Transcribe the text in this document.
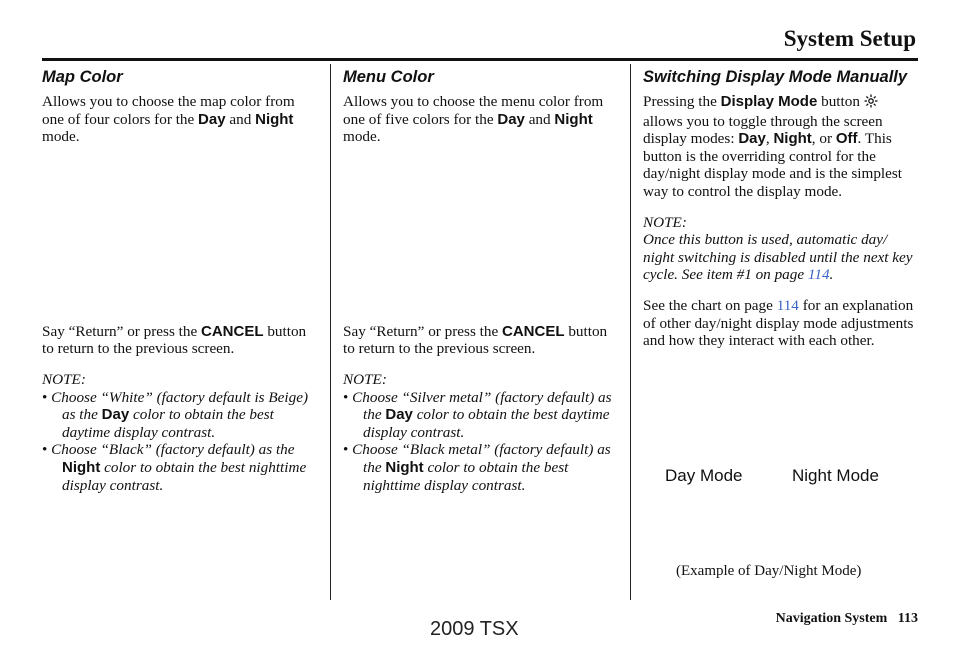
System Setup
Map Color

Allows you to choose the map color from one of four colors for the Day and Night mode.

Say “Return” or press the CANCEL button to return to the previous screen.

NOTE:

• Choose “White” (factory default is Beige) as the Day color to obtain the best daytime display contrast.
• Choose “Black” (factory default) as the Night color to obtain the best nighttime display contrast.
Menu Color

Allows you to choose the menu color from one of five colors for the Day and Night mode.

Say “Return” or press the CANCEL button to return to the previous screen.

NOTE:

• Choose “Silver metal” (factory default) as the Day color to obtain the best daytime display contrast.
• Choose “Black metal” (factory default) as the Night color to obtain the best nighttime display contrast.
Switching Display Mode Manually

Pressing the Display Mode button  allows you to toggle through the screen display modes: Day, Night, or Off. This button is the overriding control for the day/night display mode and is the simplest way to control the display mode.

NOTE:

Once this button is used, automatic day/ night switching is disabled until the next key cycle. See item #1 on page 114.

See the chart on page 114 for an explanation of other day/night display mode adjustments and how they interact with each other.

Day Mode	Night Mode
(Example of Day/Night Mode)
Navigation System 113
2009 TSX
